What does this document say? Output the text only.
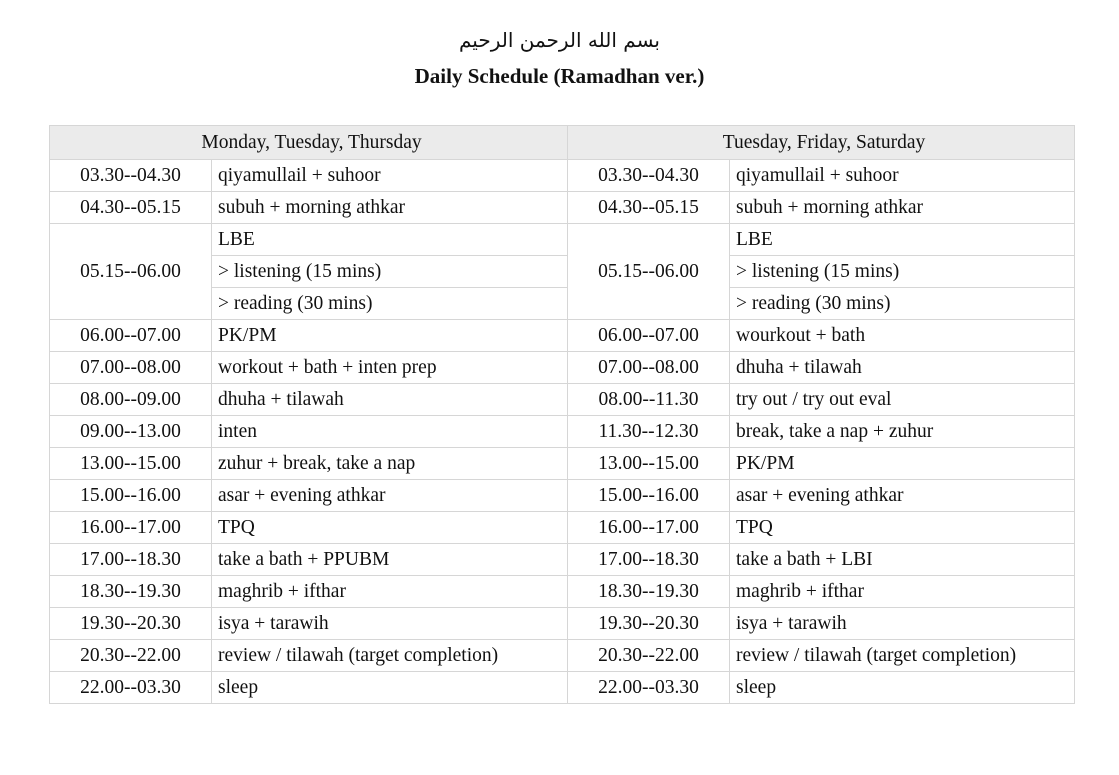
بسم الله الرحمن الرحيم
Daily Schedule (Ramadhan ver.)
Monday, Tuesday, Thursday		Tuesday, Friday, Saturday	
03.30--04.30	qiyamullail + suhoor	03.30--04.30	qiyamullail + suhoor
04.30--05.15	subuh + morning athkar	04.30--05.15	subuh + morning athkar
05.15--06.00	LBE	05.15--06.00	LBE
	> listening (15 mins)		> listening (15 mins)
	> reading (30 mins)		> reading (30 mins)
06.00--07.00	PK/PM	06.00--07.00	wourkout + bath
07.00--08.00	workout + bath + inten prep	07.00--08.00	dhuha + tilawah
08.00--09.00	dhuha + tilawah	08.00--11.30	try out / try out eval
09.00--13.00	inten	11.30--12.30	break, take a nap + zuhur
13.00--15.00	zuhur + break, take a nap	13.00--15.00	PK/PM
15.00--16.00	asar + evening athkar	15.00--16.00	asar + evening athkar
16.00--17.00	TPQ	16.00--17.00	TPQ
17.00--18.30	take a bath + PPUBM	17.00--18.30	take a bath + LBI
18.30--19.30	maghrib + ifthar	18.30--19.30	maghrib + ifthar
19.30--20.30	isya + tarawih	19.30--20.30	isya + tarawih
20.30--22.00	review / tilawah (target completion)	20.30--22.00	review / tilawah (target completion)
22.00--03.30	sleep	22.00--03.30	sleep
